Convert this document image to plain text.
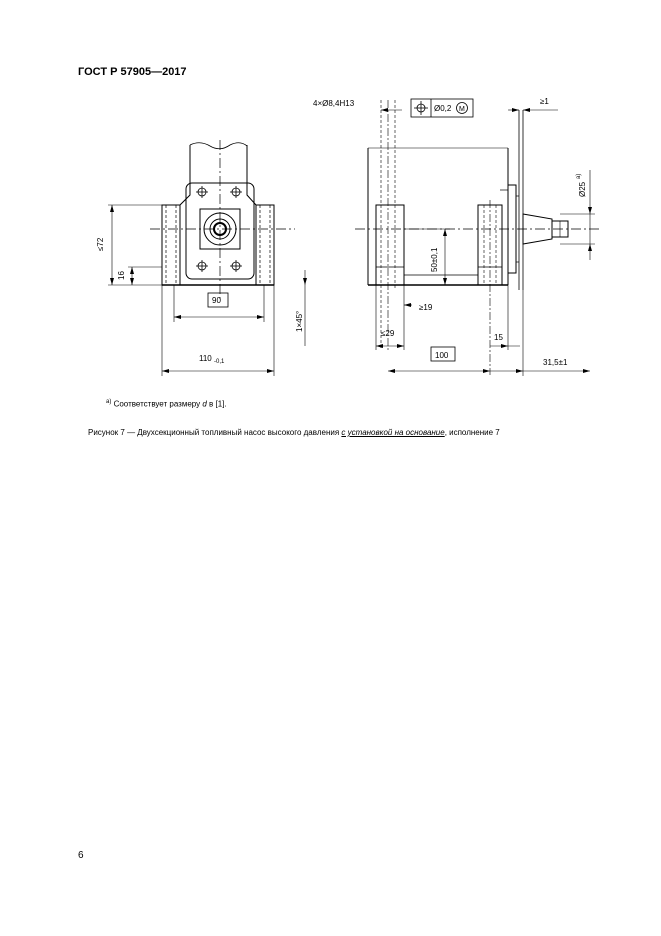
ГОСТ Р 57905—2017
4×Ø8,4H13
Ø0,2 M
≥1
90
110 -0,1
≥19
≤29	15
100
31,5±1
≤72
16
1×45°
50±0,1
Ø25
a)
$^{a)}$ Соответствует размеру d в [1].
Рисунок 7 — Двухсекционный топливный насос высокого давления с установкой на основание, исполнение 7
6
